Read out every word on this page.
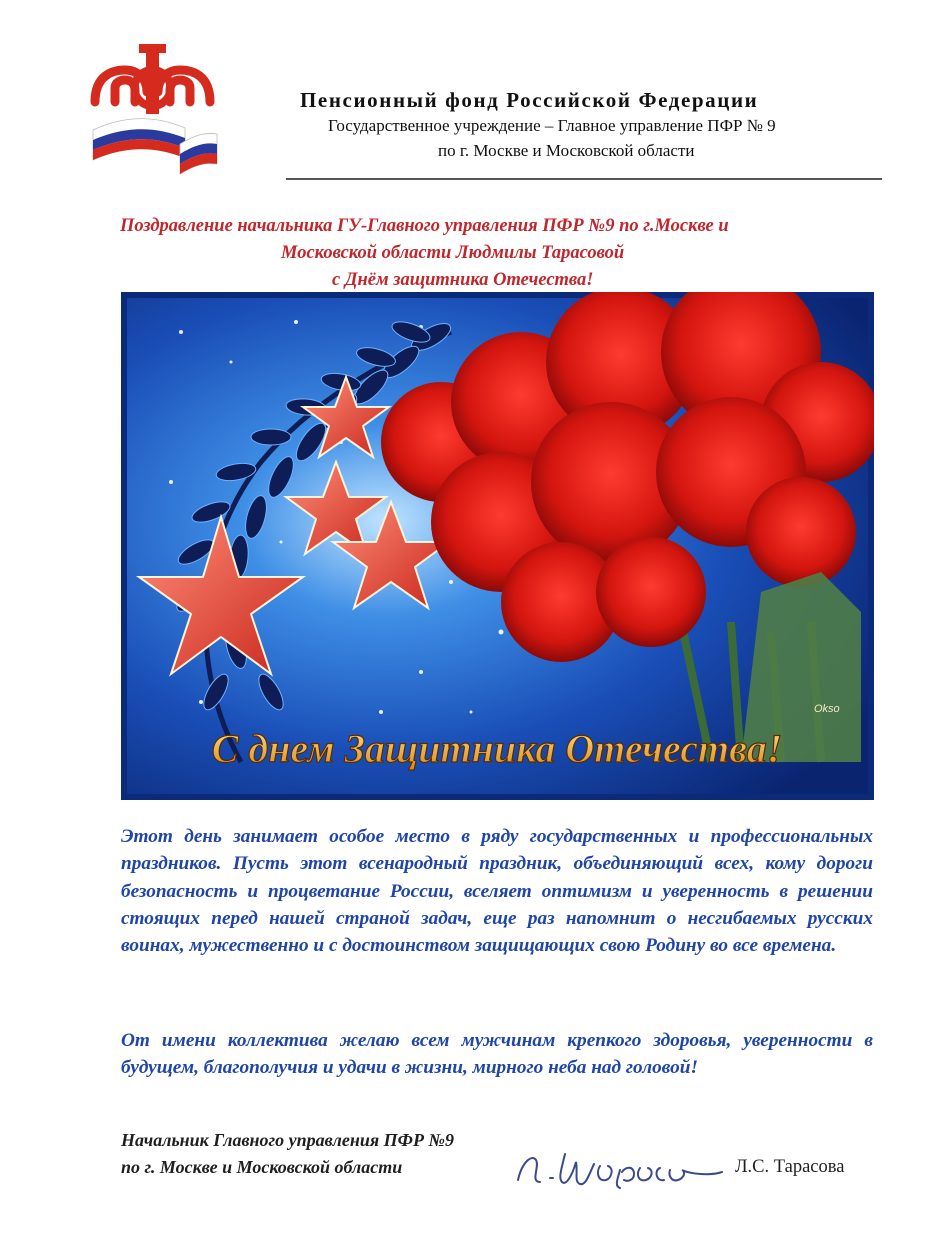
Пенсионный фонд Российской Федерации
Государственное учреждение – Главное управление ПФР № 9
по г. Москве и Московской области
Поздравление начальника ГУ-Главного управления ПФР №9 по г.Москве и
Московской области Людмилы Тарасовой
с Днём защитника Отечества!
С днем Защитника Отечества!
Okso
Этот день занимает особое место в ряду государственных и профессиональных праздников. Пусть этот всенародный праздник, объединяющий всех, кому дороги безопасность и процветание России, вселяет оптимизм и уверенность в решении стоящих перед нашей страной задач, еще раз напомнит о несгибаемых русских воинах, мужественно и с достоинством защищающих свою Родину во все времена.
От имени коллектива желаю всем мужчинам крепкого здоровья, уверенности в будущем, благополучия и удачи в жизни, мирного неба над головой!
Начальник Главного управления ПФР №9
по г. Москве и Московской области	Л.С. Тарасова
